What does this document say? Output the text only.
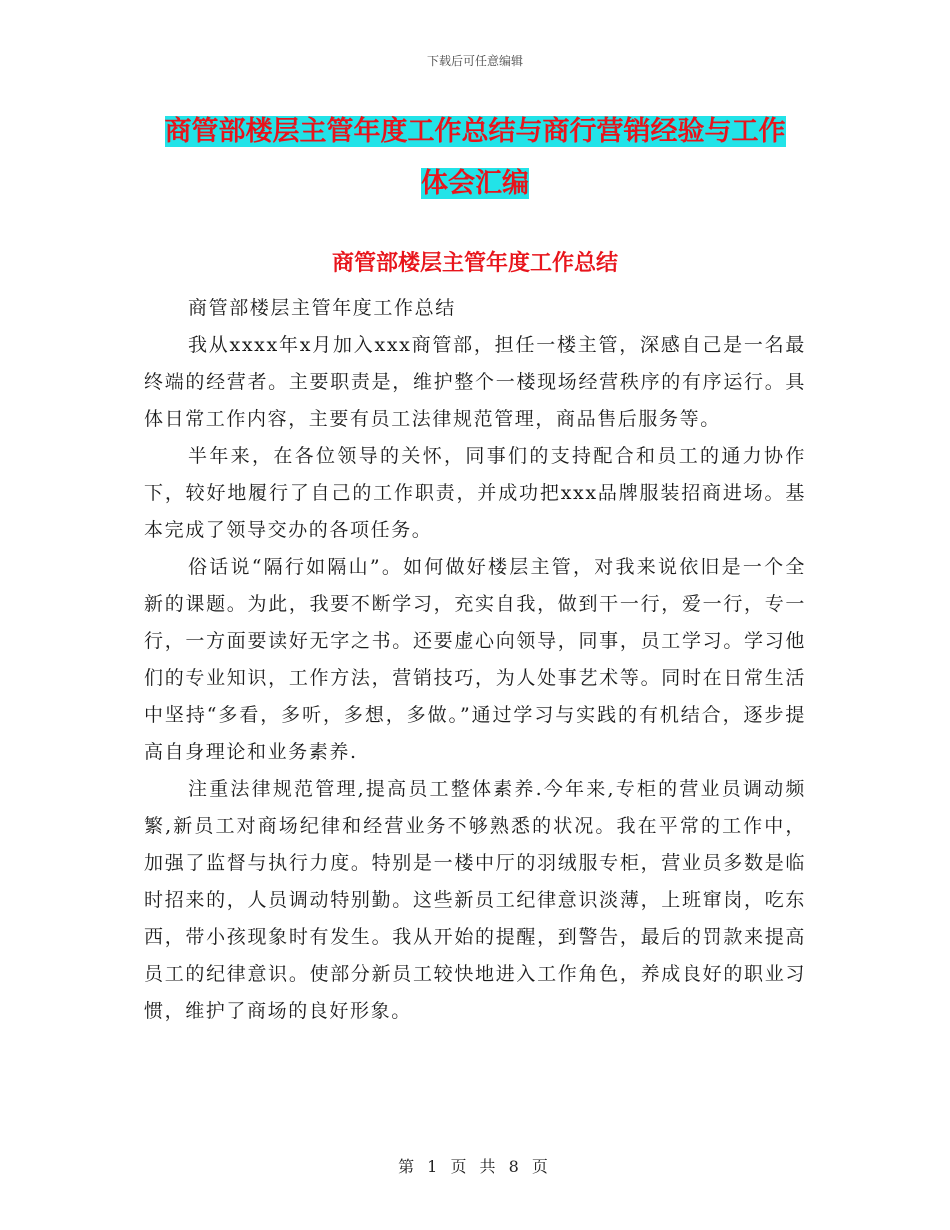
下载后可任意编辑
商管部楼层主管年度工作总结与商行营销经验与工作
体会汇编
商管部楼层主管年度工作总结

商管部楼层主管年度工作总结

我从xxxx年x月加入xxx商管部，担任一楼主管，深感自己是一名最终端的经营者。主要职责是，维护整个一楼现场经营秩序的有序运行。具体日常工作内容，主要有员工法律规范管理，商品售后服务等。

半年来，在各位领导的关怀，同事们的支持配合和员工的通力协作下，较好地履行了自己的工作职责，并成功把xxx品牌服装招商进场。基本完成了领导交办的各项任务。

俗话说“隔行如隔山”。如何做好楼层主管，对我来说依旧是一个全新的课题。为此，我要不断学习，充实自我，做到干一行，爱一行，专一行，一方面要读好无字之书。还要虚心向领导，同事，员工学习。学习他们的专业知识，工作方法，营销技巧，为人处事艺术等。同时在日常生活中坚持“多看，多听，多想，多做。”通过学习与实践的有机结合，逐步提高自身理论和业务素养.

注重法律规范管理,提高员工整体素养.今年来,专柜的营业员调动频繁,新员工对商场纪律和经营业务不够熟悉的状况。我在平常的工作中，加强了监督与执行力度。特别是一楼中厅的羽绒服专柜，营业员多数是临时招来的，人员调动特别勤。这些新员工纪律意识淡薄，上班窜岗，吃东西，带小孩现象时有发生。我从开始的提醒，到警告，最后的罚款来提高员工的纪律意识。使部分新员工较快地进入工作角色，养成良好的职业习惯，维护了商场的良好形象。

第 1 页 共 8 页
